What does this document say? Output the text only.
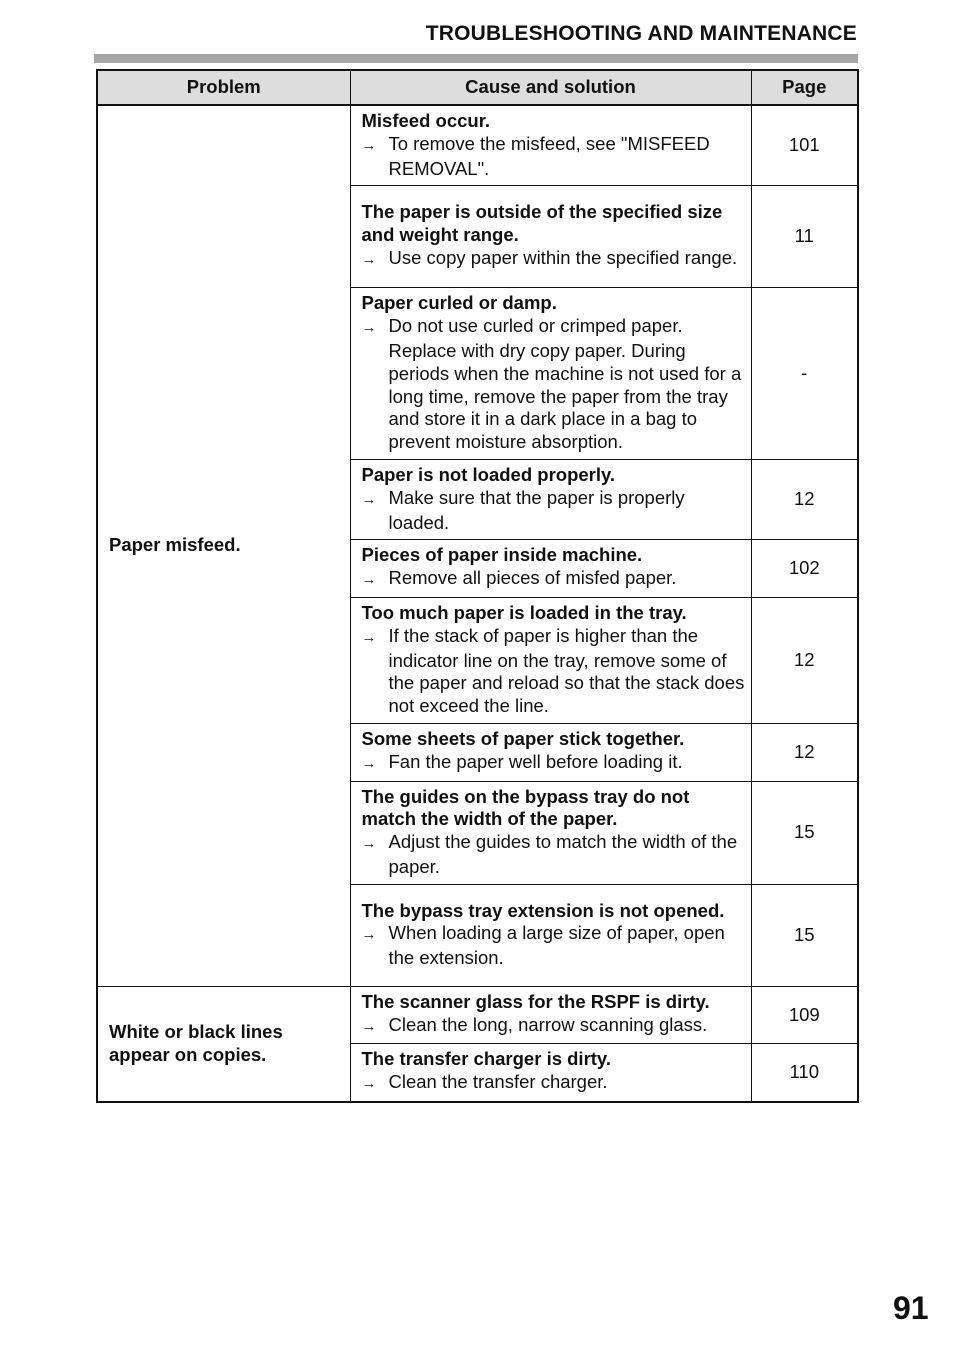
TROUBLESHOOTING AND MAINTENANCE
Problem	Cause and solution	Page
Paper misfeed.	Misfeed occur.
→ To remove the misfeed, see "MISFEED REMOVAL".	101

	The paper is outside of the specified size and weight range.
→ Use copy paper within the specified range.	11

	Paper curled or damp.
→ Do not use curled or crimped paper. Replace with dry copy paper. During periods when the machine is not used for a long time, remove the paper from the tray and store it in a dark place in a bag to prevent moisture absorption.	-

	Paper is not loaded properly.
→ Make sure that the paper is properly loaded.	12

	Pieces of paper inside machine.
→ Remove all pieces of misfed paper.	102

	Too much paper is loaded in the tray.
→ If the stack of paper is higher than the indicator line on the tray, remove some of the paper and reload so that the stack does not exceed the line.	12

	Some sheets of paper stick together.
→ Fan the paper well before loading it.	12

	The guides on the bypass tray do not match the width of the paper.
→ Adjust the guides to match the width of the paper.	15

	The bypass tray extension is not opened.
→ When loading a large size of paper, open the extension.	15
White or black lines appear on copies.	The scanner glass for the RSPF is dirty.
→ Clean the long, narrow scanning glass.	109

	The transfer charger is dirty.
→ Clean the transfer charger.	110
91
